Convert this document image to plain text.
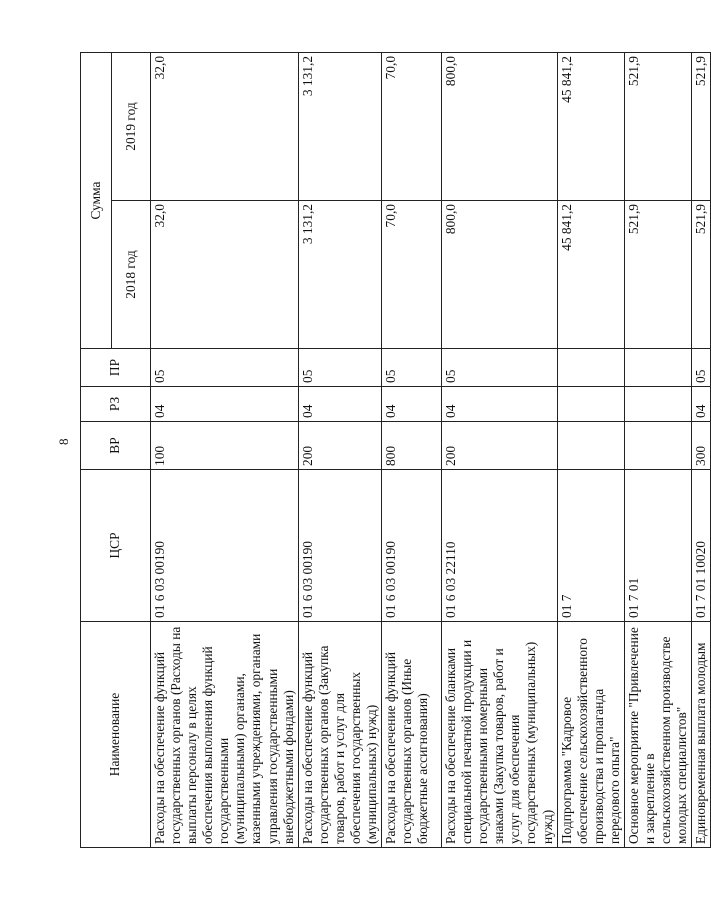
8
Наименование	ЦСР	ВР	РЗ	ПР	Сумма	
					2018 год	2019 год
Расходы на обеспечение функций государственных органов (Расходы на выплаты персоналу в целях обеспечения выполнения функций государственными (муниципальными) органами, казенными учреждениями, органами управления государственными внебюджетными фондами)	01 6 03 00190	100	04	05	32,0	32,0
Расходы на обеспечение функций государственных органов (Закупка товаров, работ и услуг для обеспечения государственных (муниципальных) нужд)	01 6 03 00190	200	04	05	3 131,2	3 131,2
Расходы на обеспечение функций государственных органов (Иные бюджетные ассигнования)	01 6 03 00190	800	04	05	70,0	70,0
Расходы на обеспечение бланками специальной печатной продукции и государственными номерными знаками (Закупка товаров, работ и услуг для обеспечения государственных (муниципальных) нужд)	01 6 03 22110	200	04	05	800,0	800,0
Подпрограмма "Кадровое обеспечение сельскохозяйственного производства и пропаганда передового опыта"	01 7				45 841,2	45 841,2
Основное мероприятие "Привлечение и закрепление в сельскохозяйственном производстве молодых специалистов"	01 7 01				521,9	521,9
Единовременная выплата молодым	01 7 01 10020	300	04	05	521,9	521,9
